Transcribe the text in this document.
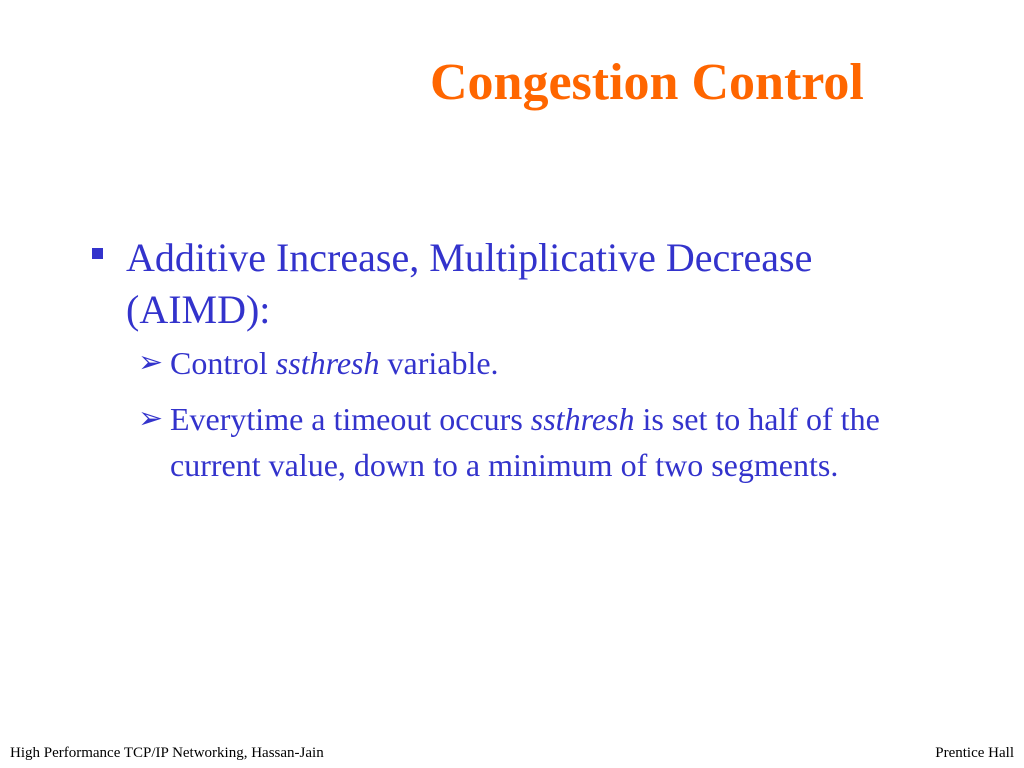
Congestion Control
Additive Increase, Multiplicative Decrease (AIMD):
➢ Control ssthresh variable.
➢ Everytime a timeout occurs ssthresh is set to half of the current value, down to a minimum of two segments.
High Performance TCP/IP Networking, Hassan-Jain	Prentice Hall
